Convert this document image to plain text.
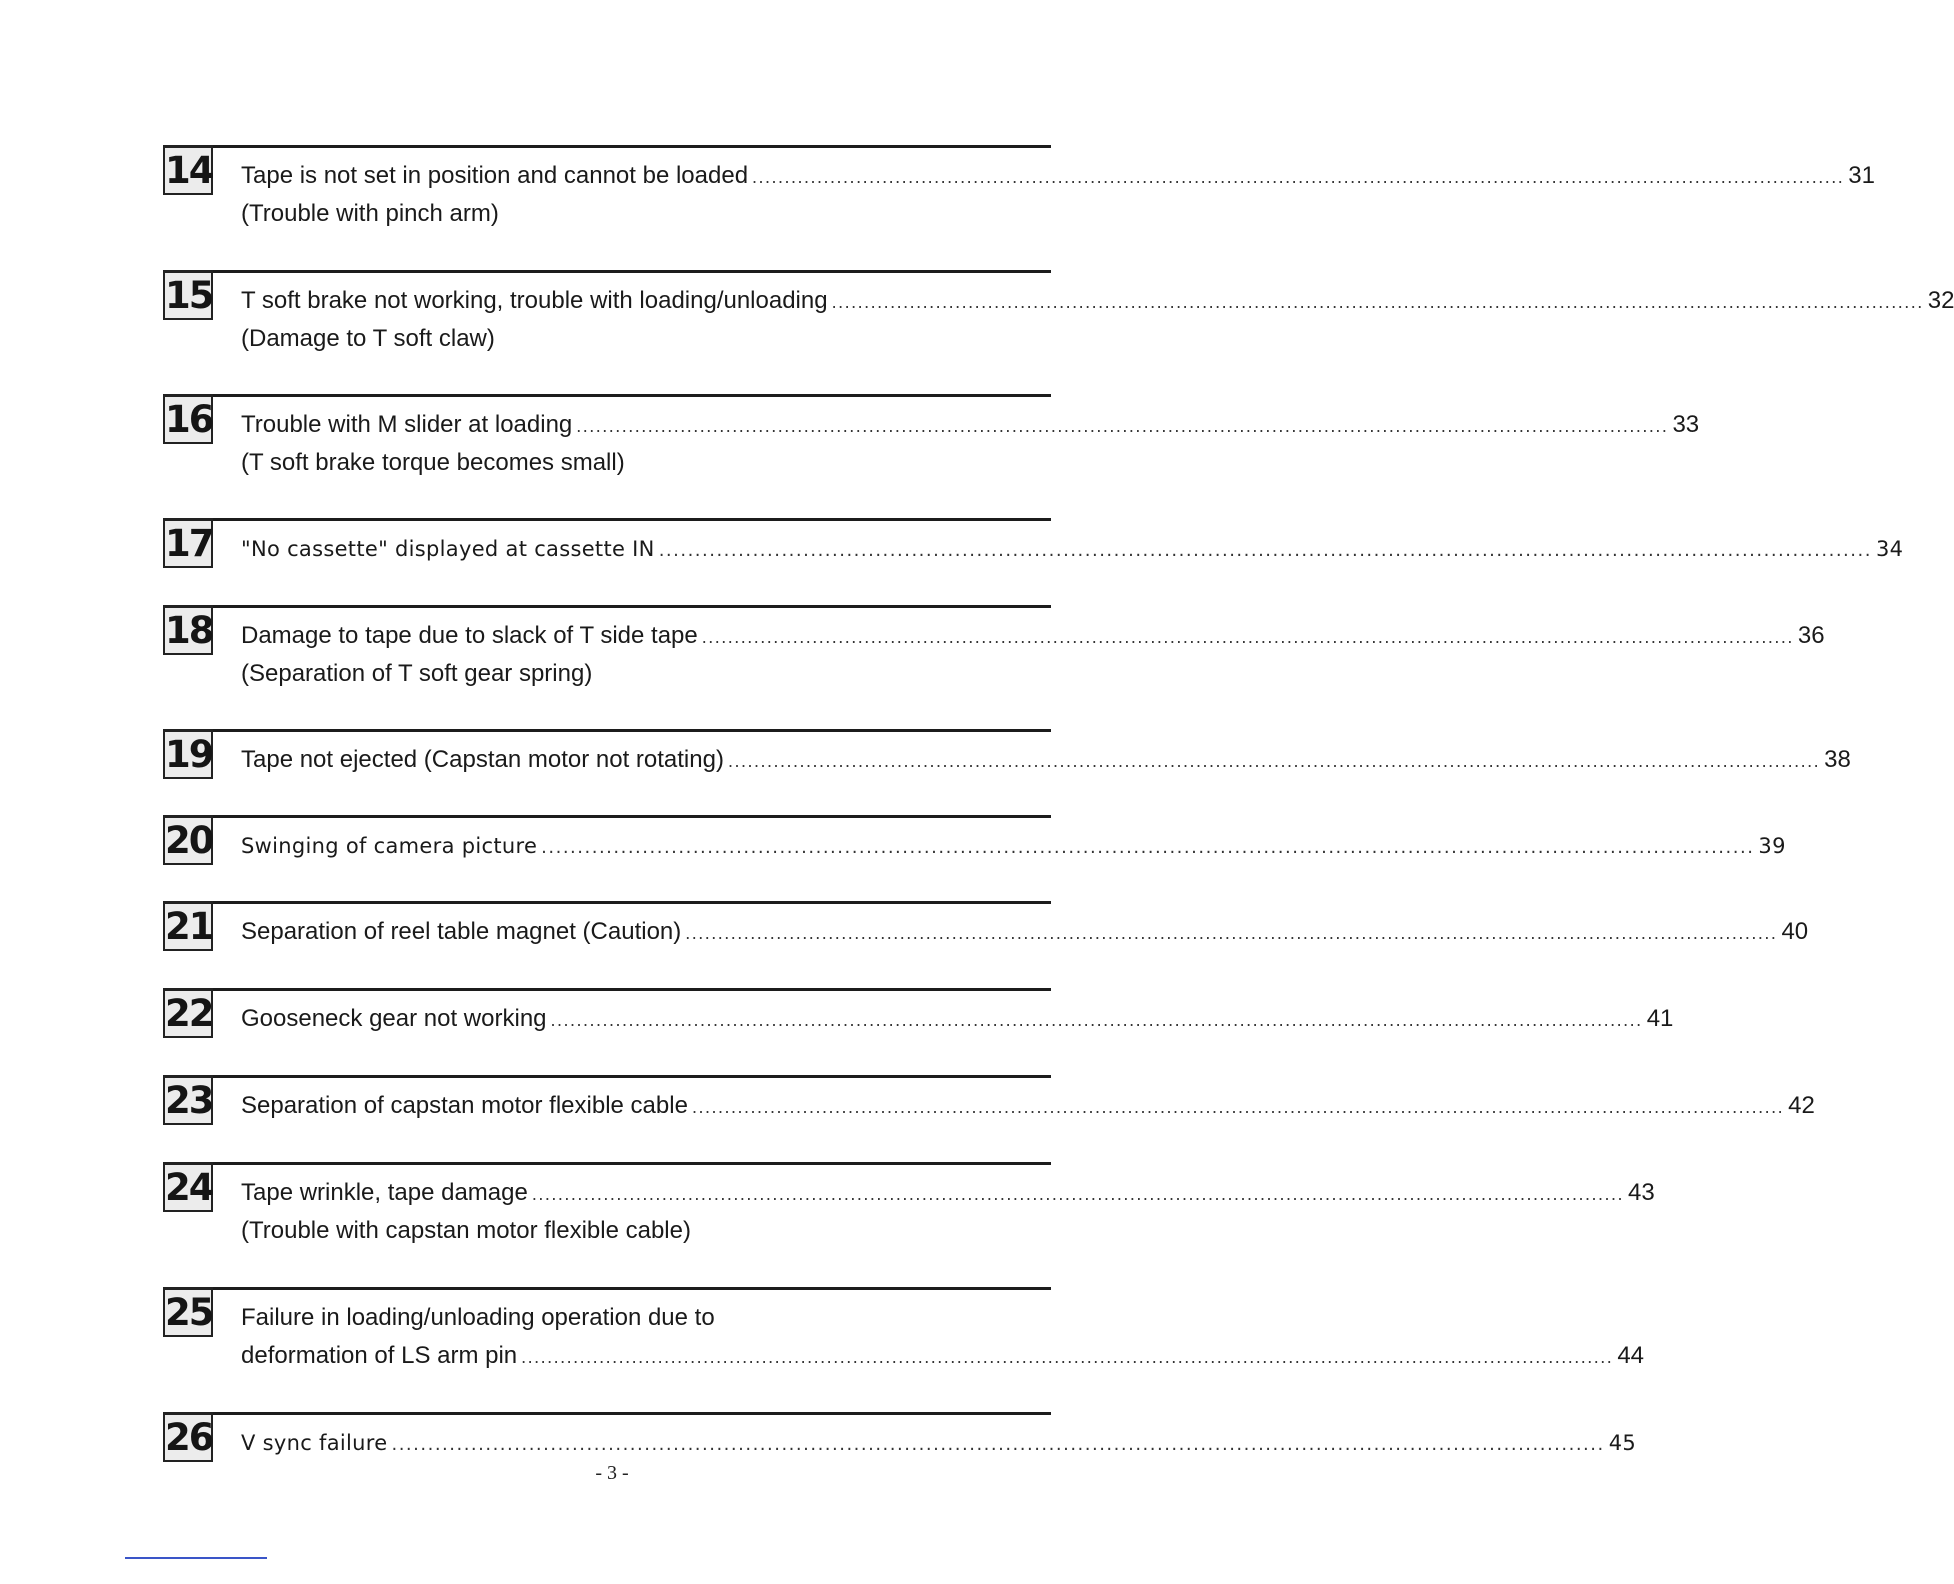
14 Tape is not set in position and cannot be loaded ........................................................................................................................................................................ 31
(Trouble with pinch arm)
15 T soft brake not working, trouble with loading/unloading ........................................................................................................................................................................ 32
(Damage to T soft claw)
16 Trouble with M slider at loading ........................................................................................................................................................................ 33
(T soft brake torque becomes small)
17 "No cassette" displayed at cassette IN ........................................................................................................................................................................ 34
18 Damage to tape due to slack of T side tape ........................................................................................................................................................................ 36
(Separation of T soft gear spring)
19 Tape not ejected (Capstan motor not rotating) ........................................................................................................................................................................ 38
20 Swinging of camera picture ........................................................................................................................................................................ 39
21 Separation of reel table magnet (Caution) ........................................................................................................................................................................ 40
22 Gooseneck gear not working ........................................................................................................................................................................ 41
23 Separation of capstan motor flexible cable ........................................................................................................................................................................ 42
24 Tape wrinkle, tape damage ........................................................................................................................................................................ 43
(Trouble with capstan motor flexible cable)
25 Failure in loading/unloading operation due to
deformation of LS arm pin ........................................................................................................................................................................ 44
26 V sync failure ........................................................................................................................................................................ 45
- 3 -
